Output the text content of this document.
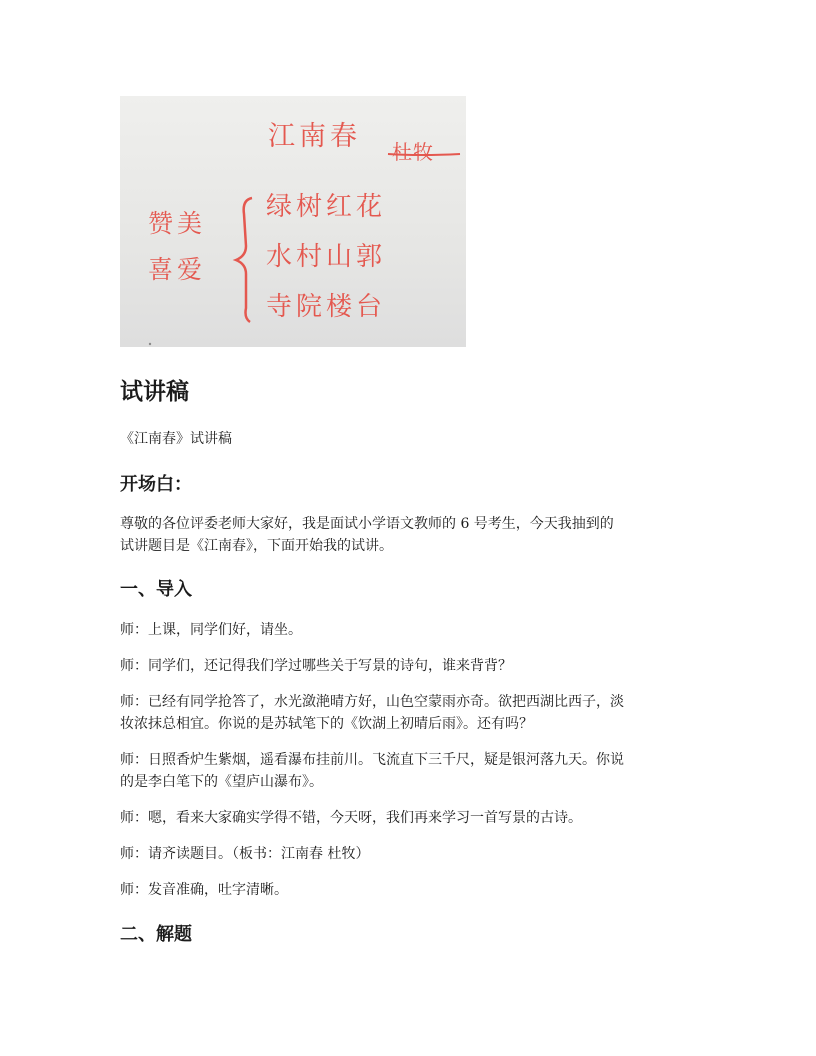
江南春 杜牧
赞美
喜爱
绿树红花
水村山郭
寺院楼台
试讲稿

《江南春》试讲稿

开场白：

尊敬的各位评委老师大家好，我是面试小学语文教师的 6 号考生，今天我抽到的

试讲题目是《江南春》，下面开始我的试讲。

一、导入

师：上课，同学们好，请坐。

师：同学们，还记得我们学过哪些关于写景的诗句，谁来背背？

师：已经有同学抢答了，水光潋滟晴方好，山色空蒙雨亦奇。欲把西湖比西子，淡

妆浓抹总相宜。你说的是苏轼笔下的《饮湖上初晴后雨》。还有吗？

师：日照香炉生紫烟，遥看瀑布挂前川。飞流直下三千尺，疑是银河落九天。你说

的是李白笔下的《望庐山瀑布》。

师：嗯，看来大家确实学得不错，今天呀，我们再来学习一首写景的古诗。

师：请齐读题目。（板书：江南春 杜牧）

师：发音准确，吐字清晰。

二、解题
